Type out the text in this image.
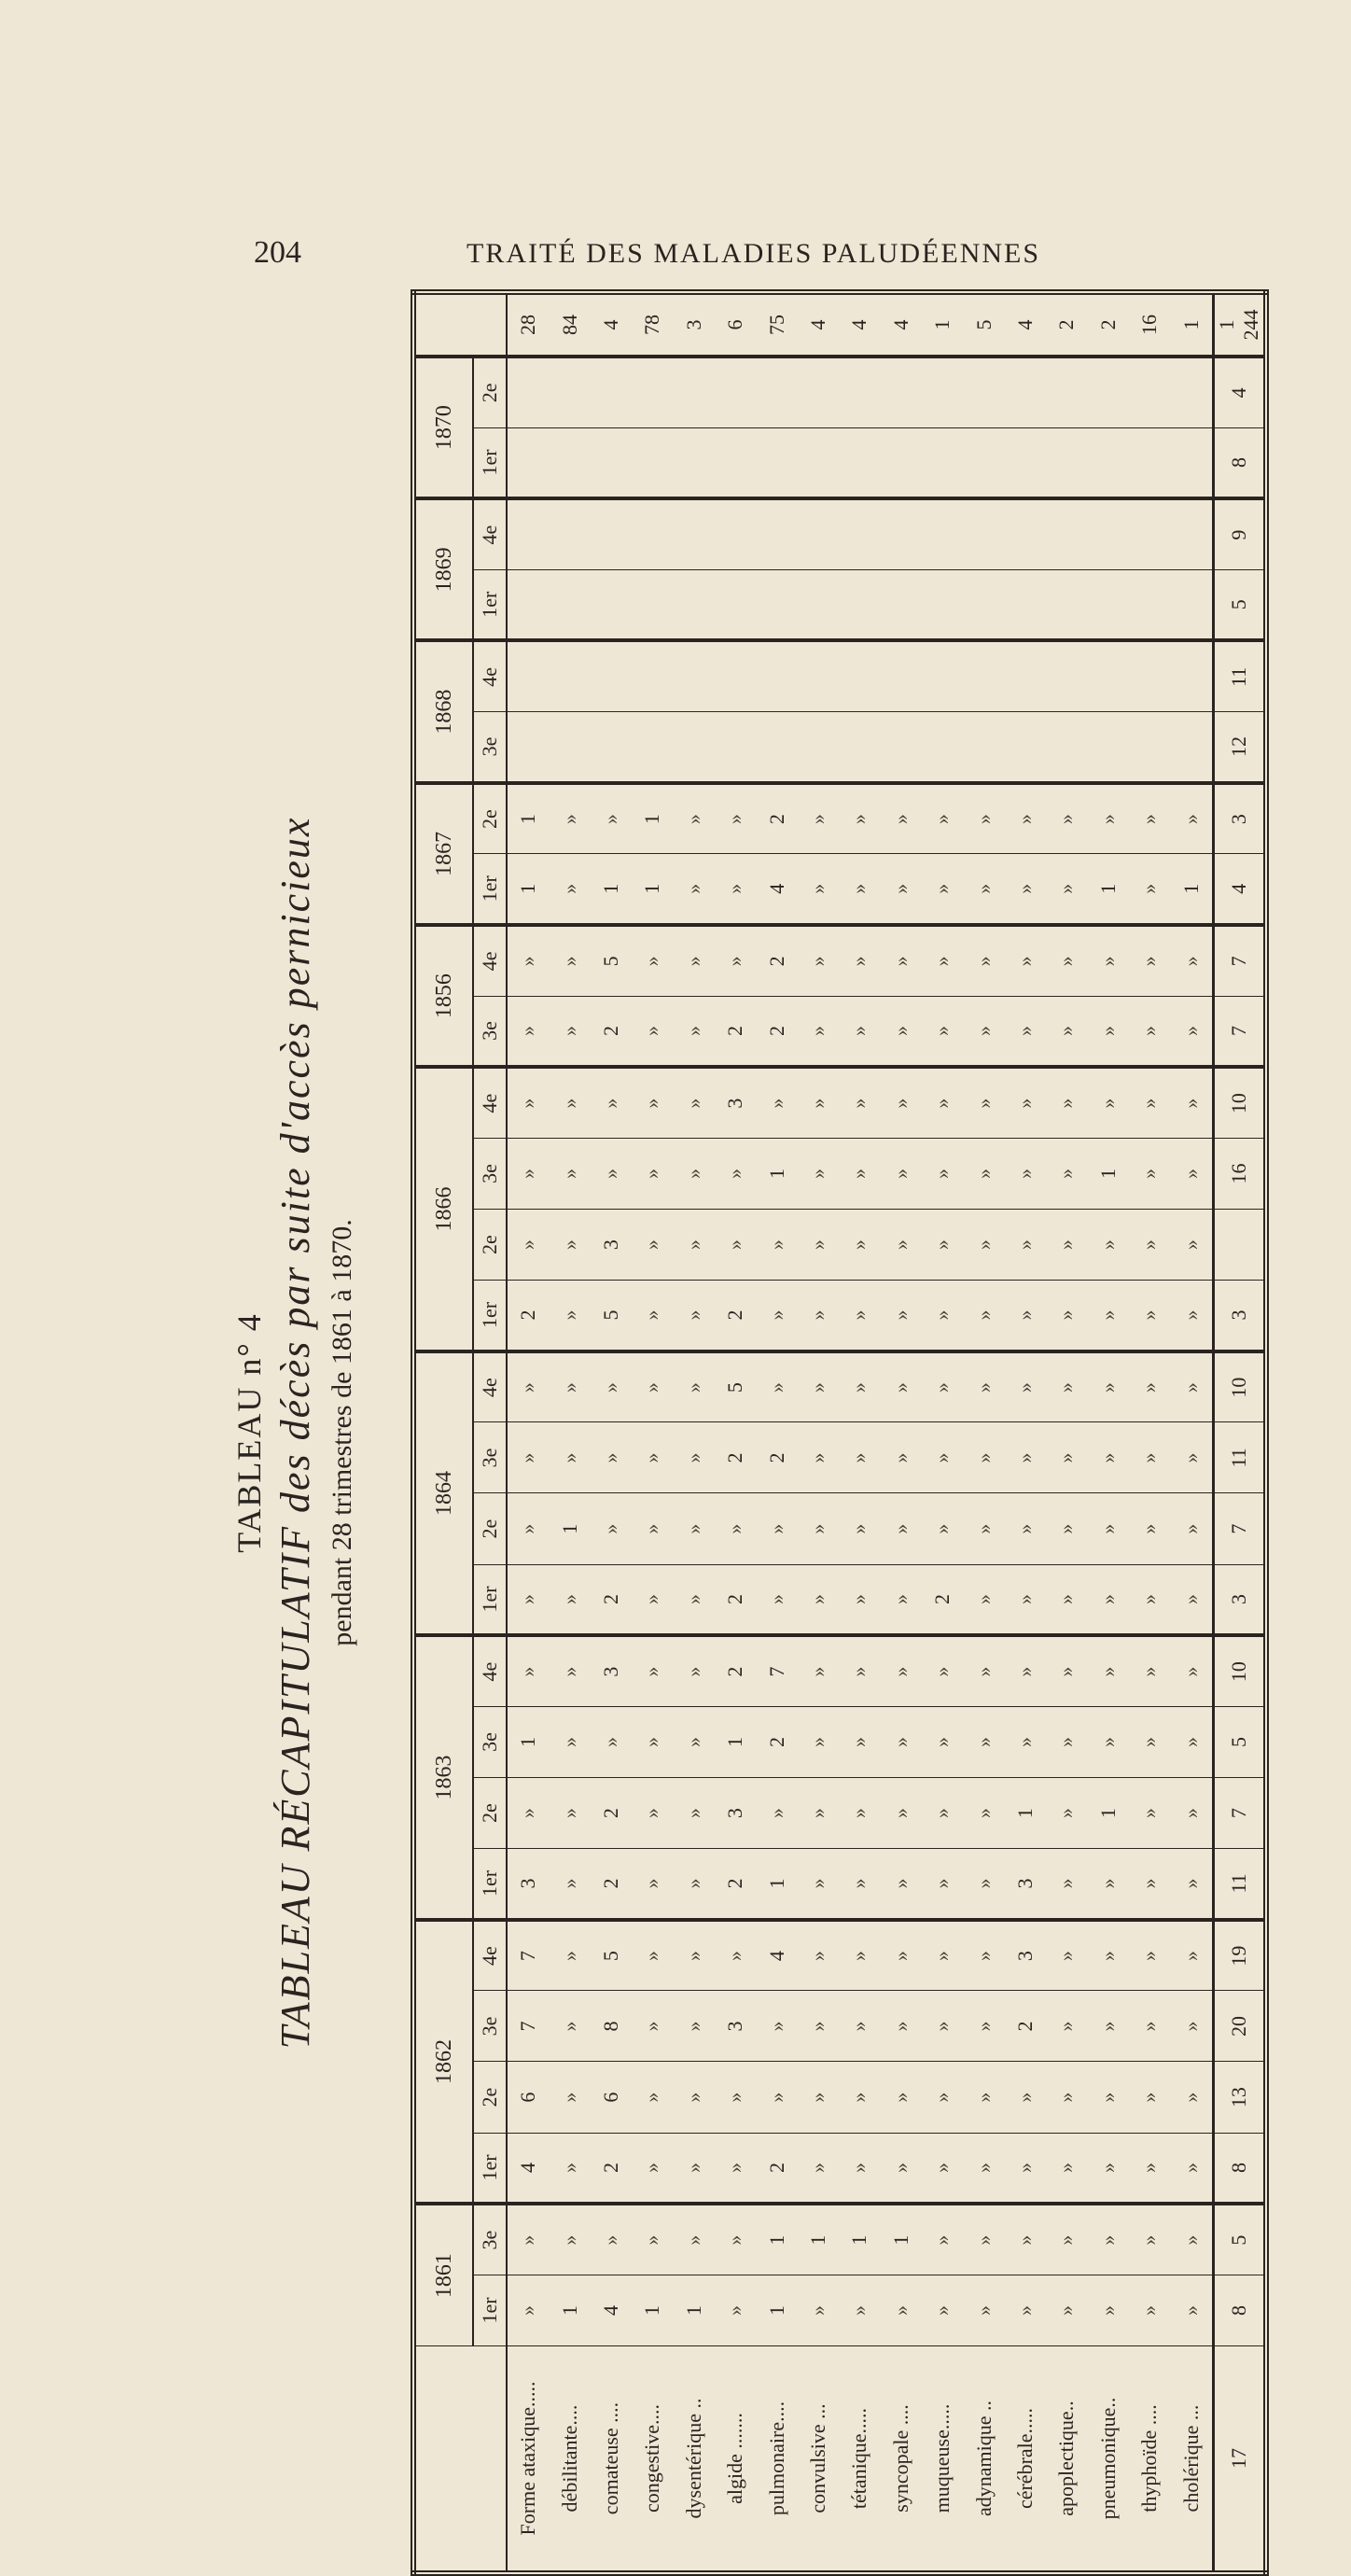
204	TRAITÉ DES MALADIES PALUDÉENNES
TABLEAU n° 4 TABLEAU RÉCAPITULATIF des décès par suite d'accès pernicieux pendant 28 trimestres de 1861 à 1870.
	1861		1862				1863				1864				1866				1856		1867		1868		1869		1870		
	1er	3e	1er	2e	3e	4e	1er	2e	3e	4e	1er	2e	3e	4e	1er	2e	3e	4e	3e	4e	1er	2e	3e	4e	1er	4e	1er	2e	
Forme ataxique.....	»	»	4	6	7	7	3	»	1	»	»	»	»	»	2	»	»	»	»	»	1	1							28
débilitante....	1	»	»	»	»	»	»	»	»	»	»	1	»	»	»	»	»	»	»	»	»	»							84
comateuse ....	4	»	2	6	8	5	2	2	»	3	2	»	»	»	5	3	»	»	2	5	1	»							4
congestive....	1	»	»	»	»	»	»	»	»	»	»	»	»	»	»	»	»	»	»	»	1	1							78
dysentérique ..	1	»	»	»	»	»	»	»	»	»	»	»	»	»	»	»	»	»	»	»	»	»							3
algide .......	»	»	»	»	3	»	2	3	1	2	2	»	2	5	2	»	»	3	2	»	»	»							6
pulmonaire....	1	1	2	»	»	4	1	»	2	7	»	»	2	»	»	»	1	»	2	2	4	2							75
convulsive ...	»	1	»	»	»	»	»	»	»	»	»	»	»	»	»	»	»	»	»	»	»	»							4
tétanique.....	»	1	»	»	»	»	»	»	»	»	»	»	»	»	»	»	»	»	»	»	»	»							4
syncopale ....	»	1	»	»	»	»	»	»	»	»	»	»	»	»	»	»	»	»	»	»	»	»							4
muqueuse.....	»	»	»	»	»	»	»	»	»	»	2	»	»	»	»	»	»	»	»	»	»	»							1
adynamique ..	»	»	»	»	»	»	»	»	»	»	»	»	»	»	»	»	»	»	»	»	»	»							5
cérébrale.....	»	»	»	»	2	3	3	1	»	»	»	»	»	»	»	»	»	»	»	»	»	»							4
apoplectique..	»	»	»	»	»	»	»	»	»	»	»	»	»	»	»	»	»	»	»	»	»	»							2
pneumonique..	»	»	»	»	»	»	»	1	»	»	»	»	»	»	»	»	1	»	»	»	1	»							2
thyphoïde ....	»	»	»	»	»	»	»	»	»	»	»	»	»	»	»	»	»	»	»	»	»	»							16
cholérique ...	»	»	»	»	»	»	»	»	»	»	»	»	»	»	»	»	»	»	»	»	1	»							1
17	8	5	8	13	20	19	11	7	5	10	3	7	11	10	3		16	10	7	7	4	3	12	11	5	9	8	4	1 244
